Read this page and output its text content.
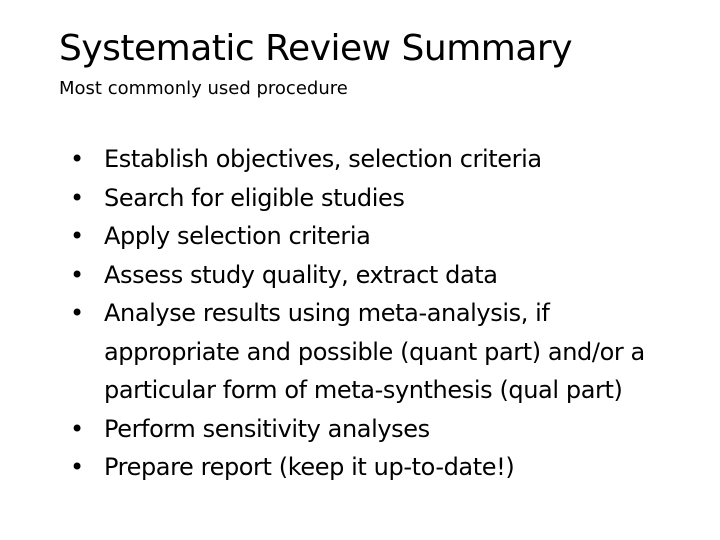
Systematic Review Summary
Most commonly used procedure
• Establish objectives, selection criteria
• Search for eligible studies
• Apply selection criteria
• Assess study quality, extract data
• Analyse results using meta-analysis, if appropriate and possible (quant part) and/or a particular form of meta-synthesis (qual part)
• Perform sensitivity analyses
• Prepare report (keep it up-to-date!)
